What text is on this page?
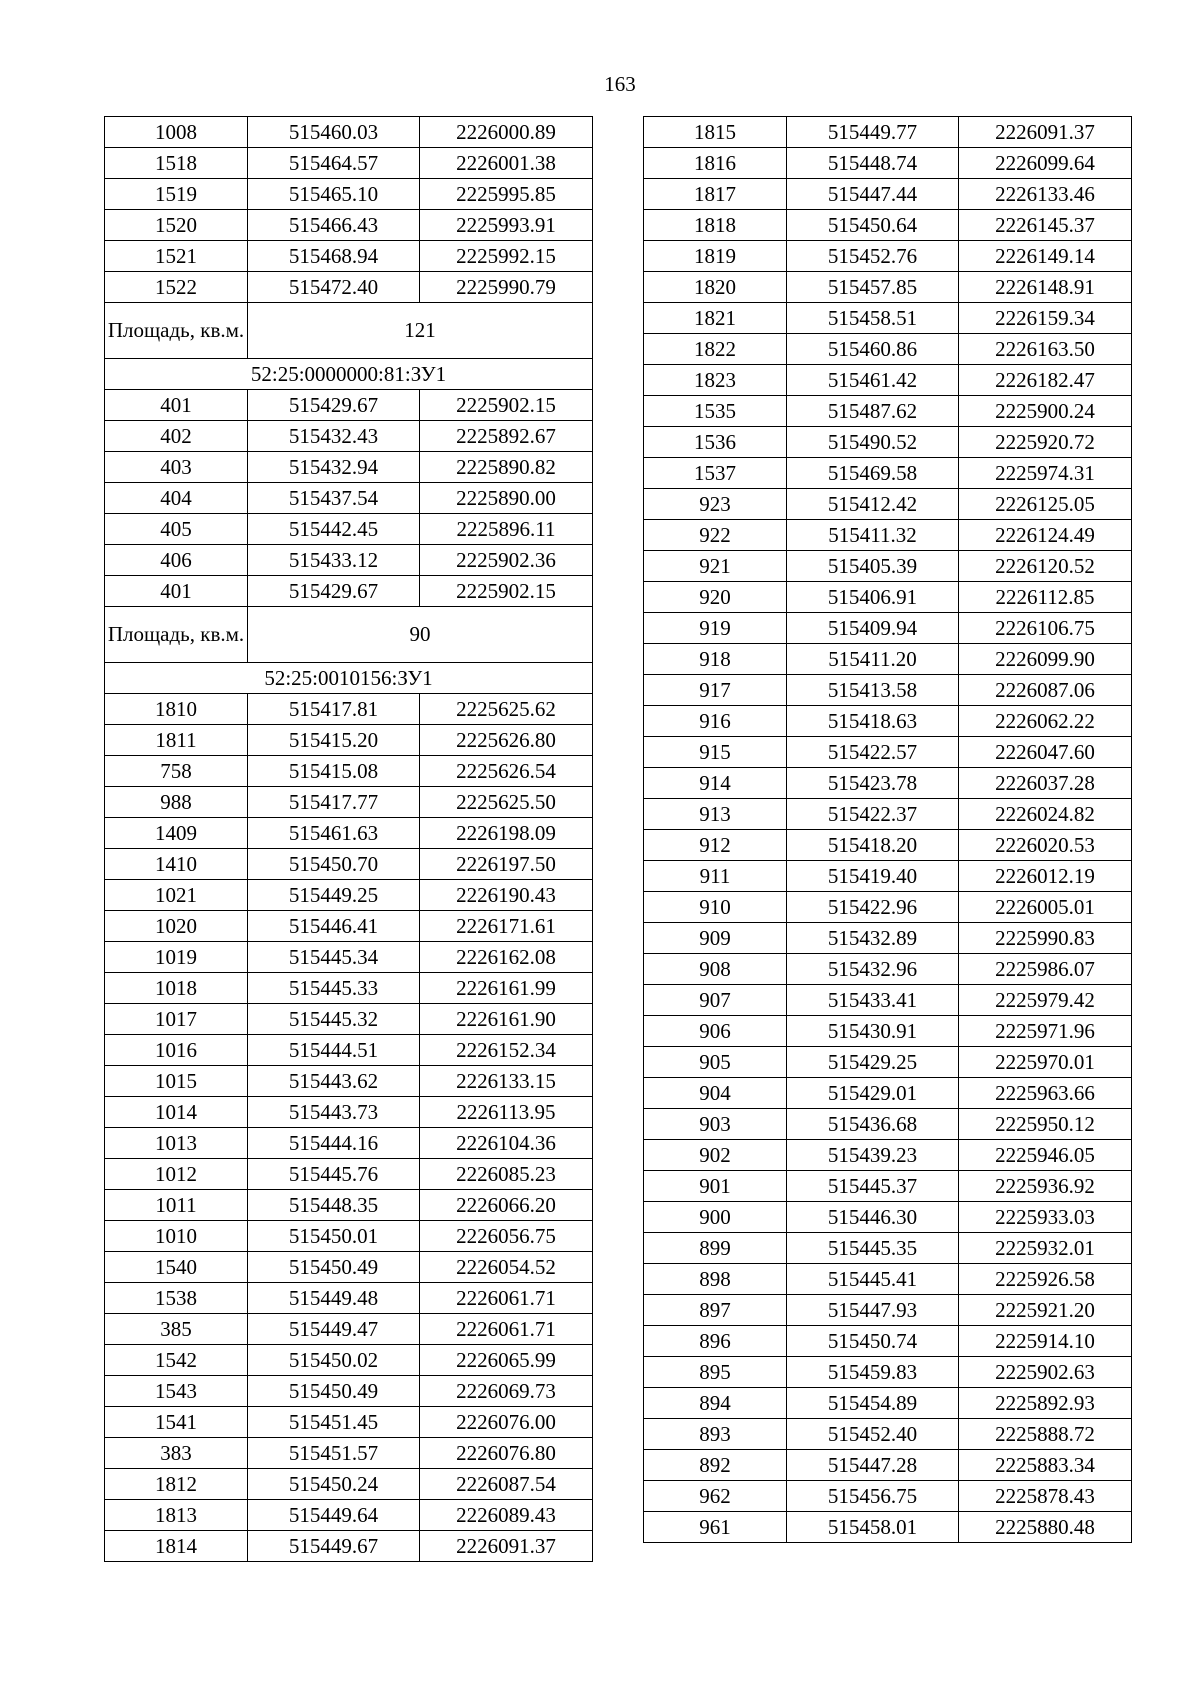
163
1008	515460.03	2226000.89
1518	515464.57	2226001.38
1519	515465.10	2225995.85
1520	515466.43	2225993.91
1521	515468.94	2225992.15
1522	515472.40	2225990.79
Площадь, кв.м.	121	
52:25:0000000:81:ЗУ1		
401	515429.67	2225902.15
402	515432.43	2225892.67
403	515432.94	2225890.82
404	515437.54	2225890.00
405	515442.45	2225896.11
406	515433.12	2225902.36
401	515429.67	2225902.15
Площадь, кв.м.	90	
52:25:0010156:ЗУ1		
1810	515417.81	2225625.62
1811	515415.20	2225626.80
758	515415.08	2225626.54
988	515417.77	2225625.50
1409	515461.63	2226198.09
1410	515450.70	2226197.50
1021	515449.25	2226190.43
1020	515446.41	2226171.61
1019	515445.34	2226162.08
1018	515445.33	2226161.99
1017	515445.32	2226161.90
1016	515444.51	2226152.34
1015	515443.62	2226133.15
1014	515443.73	2226113.95
1013	515444.16	2226104.36
1012	515445.76	2226085.23
1011	515448.35	2226066.20
1010	515450.01	2226056.75
1540	515450.49	2226054.52
1538	515449.48	2226061.71
385	515449.47	2226061.71
1542	515450.02	2226065.99
1543	515450.49	2226069.73
1541	515451.45	2226076.00
383	515451.57	2226076.80
1812	515450.24	2226087.54
1813	515449.64	2226089.43
1814	515449.67	2226091.37
1815	515449.77	2226091.37
1816	515448.74	2226099.64
1817	515447.44	2226133.46
1818	515450.64	2226145.37
1819	515452.76	2226149.14
1820	515457.85	2226148.91
1821	515458.51	2226159.34
1822	515460.86	2226163.50
1823	515461.42	2226182.47
1535	515487.62	2225900.24
1536	515490.52	2225920.72
1537	515469.58	2225974.31
923	515412.42	2226125.05
922	515411.32	2226124.49
921	515405.39	2226120.52
920	515406.91	2226112.85
919	515409.94	2226106.75
918	515411.20	2226099.90
917	515413.58	2226087.06
916	515418.63	2226062.22
915	515422.57	2226047.60
914	515423.78	2226037.28
913	515422.37	2226024.82
912	515418.20	2226020.53
911	515419.40	2226012.19
910	515422.96	2226005.01
909	515432.89	2225990.83
908	515432.96	2225986.07
907	515433.41	2225979.42
906	515430.91	2225971.96
905	515429.25	2225970.01
904	515429.01	2225963.66
903	515436.68	2225950.12
902	515439.23	2225946.05
901	515445.37	2225936.92
900	515446.30	2225933.03
899	515445.35	2225932.01
898	515445.41	2225926.58
897	515447.93	2225921.20
896	515450.74	2225914.10
895	515459.83	2225902.63
894	515454.89	2225892.93
893	515452.40	2225888.72
892	515447.28	2225883.34
962	515456.75	2225878.43
961	515458.01	2225880.48
